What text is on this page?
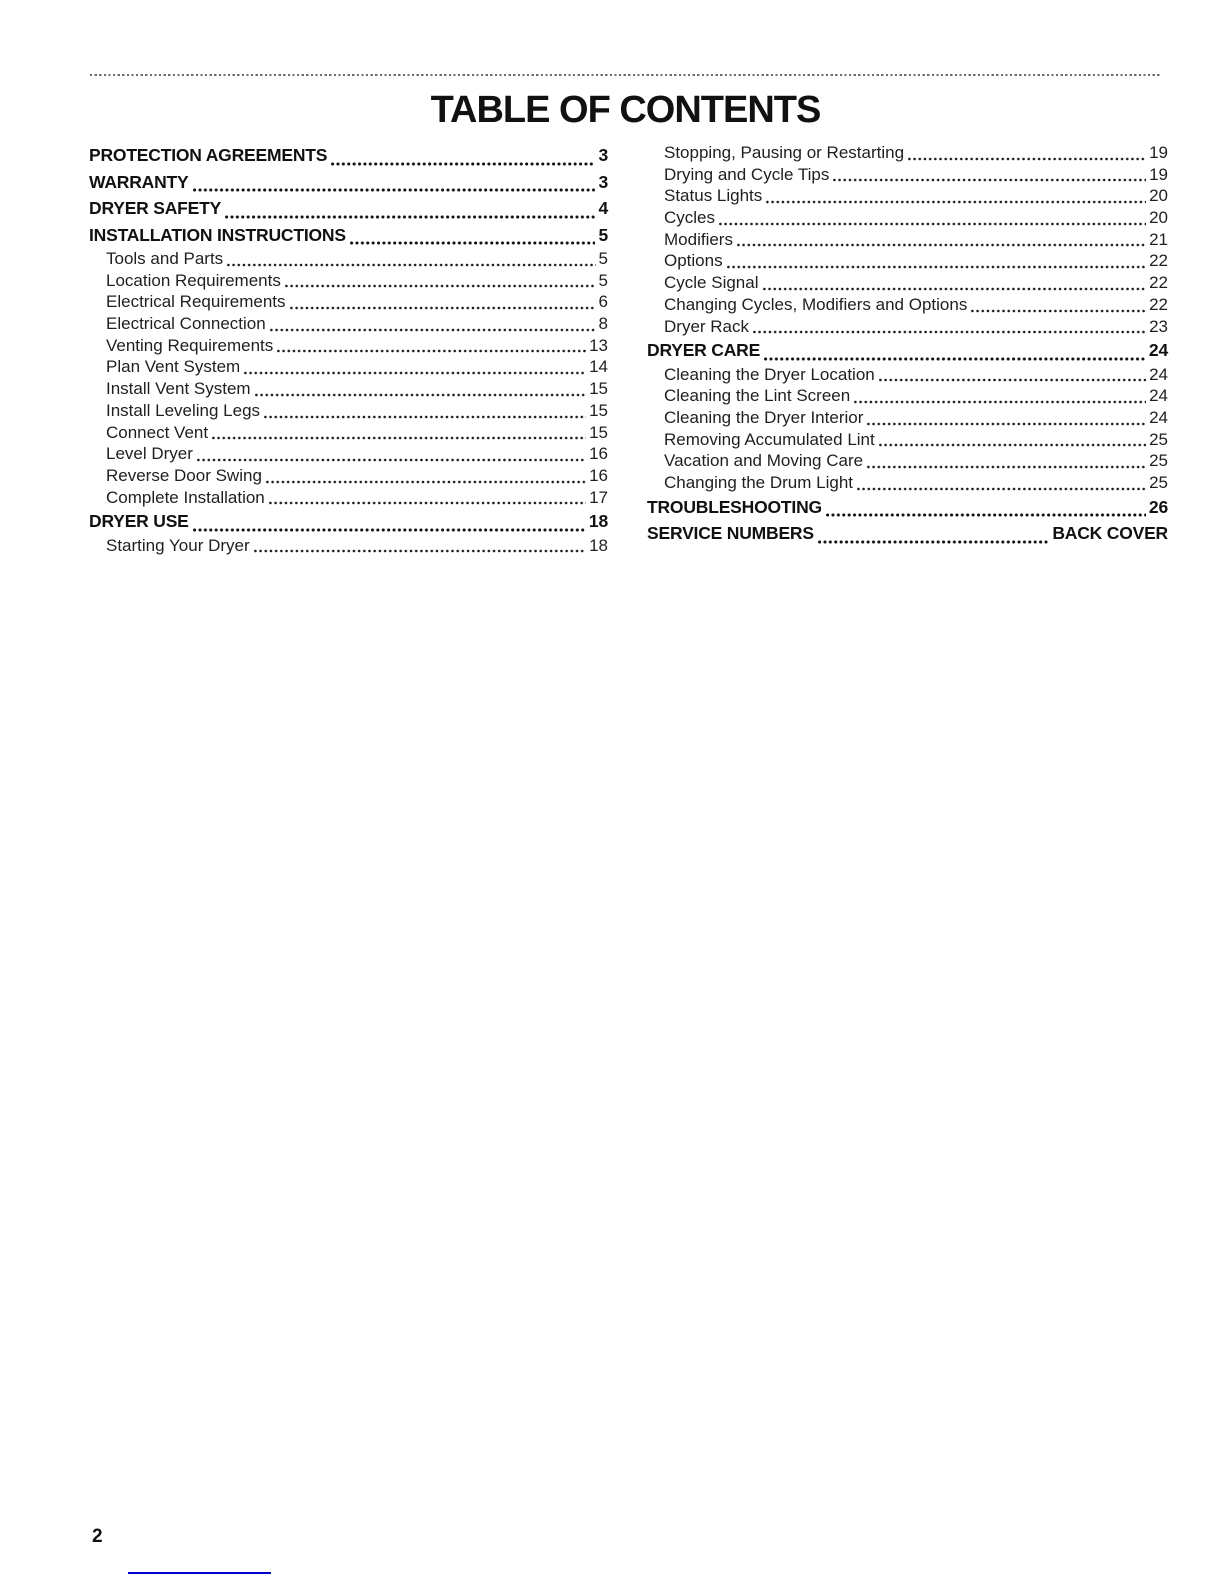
TABLE OF CONTENTS
PROTECTION AGREEMENTS	3
WARRANTY	3
DRYER SAFETY	4
INSTALLATION INSTRUCTIONS	5
Tools and Parts	5
Location Requirements	5
Electrical Requirements	6
Electrical Connection	8
Venting Requirements	13
Plan Vent System	14
Install Vent System	15
Install Leveling Legs	15
Connect Vent	15
Level Dryer	16
Reverse Door Swing	16
Complete Installation	17
DRYER USE	18
Starting Your Dryer	18
Stopping, Pausing or Restarting	19
Drying and Cycle Tips	19
Status Lights	20
Cycles	20
Modifiers	21
Options	22
Cycle Signal	22
Changing Cycles, Modifiers and Options	22
Dryer Rack	23
DRYER CARE	24
Cleaning the Dryer Location	24
Cleaning the Lint Screen	24
Cleaning the Dryer Interior	24
Removing Accumulated Lint	25
Vacation and Moving Care	25
Changing the Drum Light	25
TROUBLESHOOTING	26
SERVICE NUMBERS	BACK COVER
2
